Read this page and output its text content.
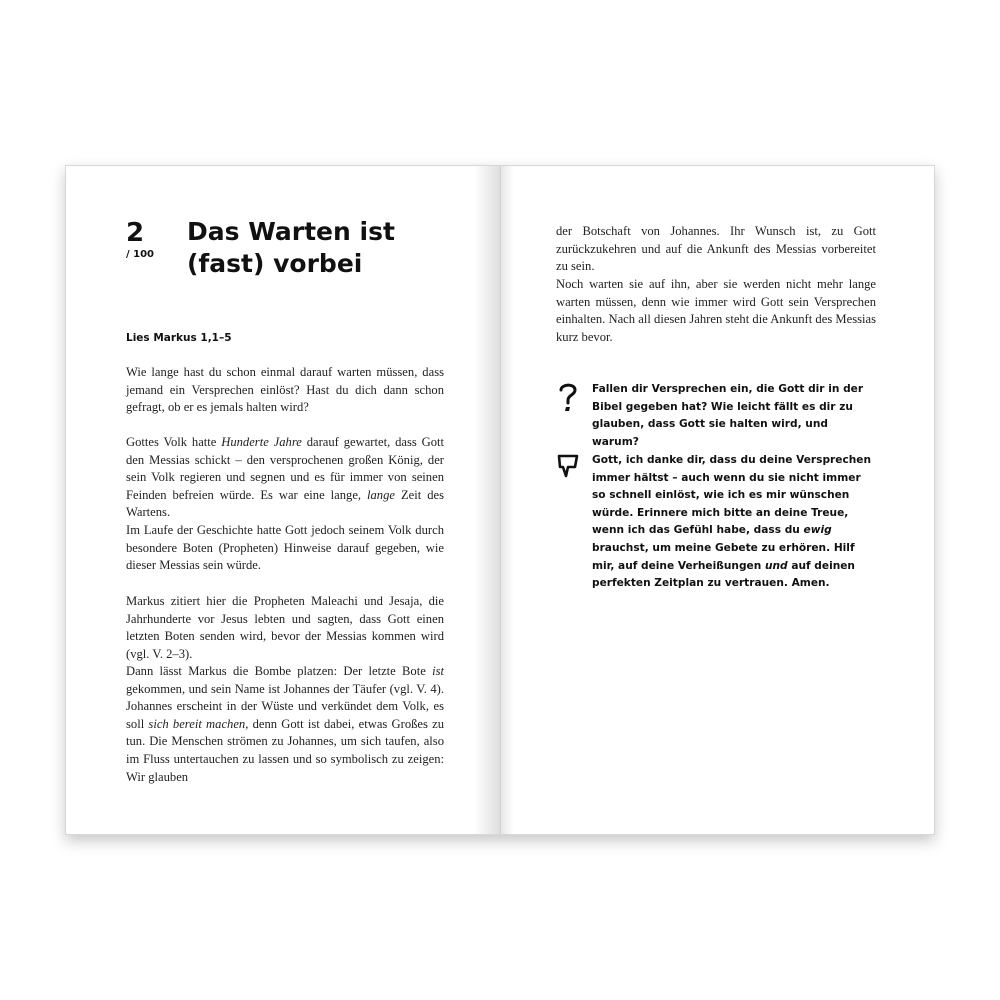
2
/ 100
Das Warten ist (fast) vorbei
Lies Markus 1,1–5

Wie lange hast du schon einmal darauf warten müssen, dass jemand ein Versprechen einlöst? Hast du dich dann schon gefragt, ob er es jemals halten wird?

Gottes Volk hatte Hunderte Jahre darauf gewartet, dass Gott den Messias schickt – den versprochenen großen König, der sein Volk regieren und segnen und es für immer von seinen Feinden befreien würde. Es war eine lange, lange Zeit des Wartens.

Im Laufe der Geschichte hatte Gott jedoch seinem Volk durch besondere Boten (Propheten) Hinweise darauf gegeben, wie dieser Messias sein würde.

Markus zitiert hier die Propheten Maleachi und Jesaja, die Jahrhunderte vor Jesus lebten und sagten, dass Gott einen letzten Boten senden wird, bevor der Messias kommen wird (vgl. V. 2–3).

Dann lässt Markus die Bombe platzen: Der letzte Bote ist gekommen, und sein Name ist Johannes der Täufer (vgl. V. 4). Johannes erscheint in der Wüste und verkündet dem Volk, es soll sich bereit machen, denn Gott ist dabei, etwas Großes zu tun. Die Menschen strömen zu Johannes, um sich taufen, also im Fluss untertauchen zu lassen und so symbolisch zu zeigen: Wir glauben

der Botschaft von Johannes. Ihr Wunsch ist, zu Gott zurückzukehren und auf die Ankunft des Messias vorbereitet zu sein.

Noch warten sie auf ihn, aber sie werden nicht mehr lange warten müssen, denn wie immer wird Gott sein Versprechen einhalten. Nach all diesen Jahren steht die Ankunft des Messias kurz bevor.

Fallen dir Versprechen ein, die Gott dir in der Bibel gegeben hat? Wie leicht fällt es dir zu glauben, dass Gott sie halten wird, und warum?

Gott, ich danke dir, dass du deine Versprechen immer hältst – auch wenn du sie nicht immer so schnell einlöst, wie ich es mir wünschen würde. Erinnere mich bitte an deine Treue, wenn ich das Gefühl habe, dass du ewig brauchst, um meine Gebete zu erhören. Hilf mir, auf deine Verheißungen und auf deinen perfekten Zeitplan zu vertrauen. Amen.
